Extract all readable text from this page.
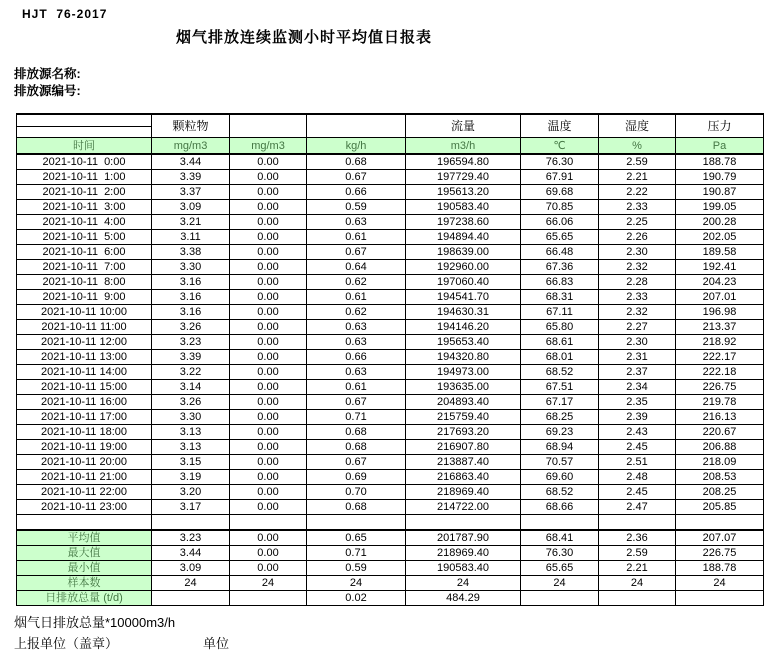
HJT  76-2017
烟气排放连续监测小时平均值日报表
排放源名称:
排放源编号:
	颗粒物			流量	温度	湿度	压力

时间	mg/m3	mg/m3	kg/h	m3/h	℃	%	Pa
2021-10-11  0:00	3.44	0.00	0.68	196594.80	76.30	2.59	188.78
2021-10-11  1:00	3.39	0.00	0.67	197729.40	67.91	2.21	190.79
2021-10-11  2:00	3.37	0.00	0.66	195613.20	69.68	2.22	190.87
2021-10-11  3:00	3.09	0.00	0.59	190583.40	70.85	2.33	199.05
2021-10-11  4:00	3.21	0.00	0.63	197238.60	66.06	2.25	200.28
2021-10-11  5:00	3.11	0.00	0.61	194894.40	65.65	2.26	202.05
2021-10-11  6:00	3.38	0.00	0.67	198639.00	66.48	2.30	189.58
2021-10-11  7:00	3.30	0.00	0.64	192960.00	67.36	2.32	192.41
2021-10-11  8:00	3.16	0.00	0.62	197060.40	66.83	2.28	204.23
2021-10-11  9:00	3.16	0.00	0.61	194541.70	68.31	2.33	207.01
2021-10-11 10:00	3.16	0.00	0.62	194630.31	67.11	2.32	196.98
2021-10-11 11:00	3.26	0.00	0.63	194146.20	65.80	2.27	213.37
2021-10-11 12:00	3.23	0.00	0.63	195653.40	68.61	2.30	218.92
2021-10-11 13:00	3.39	0.00	0.66	194320.80	68.01	2.31	222.17
2021-10-11 14:00	3.22	0.00	0.63	194973.00	68.52	2.37	222.18
2021-10-11 15:00	3.14	0.00	0.61	193635.00	67.51	2.34	226.75
2021-10-11 16:00	3.26	0.00	0.67	204893.40	67.17	2.35	219.78
2021-10-11 17:00	3.30	0.00	0.71	215759.40	68.25	2.39	216.13
2021-10-11 18:00	3.13	0.00	0.68	217693.20	69.23	2.43	220.67
2021-10-11 19:00	3.13	0.00	0.68	216907.80	68.94	2.45	206.88
2021-10-11 20:00	3.15	0.00	0.67	213887.40	70.57	2.51	218.09
2021-10-11 21:00	3.19	0.00	0.69	216863.40	69.60	2.48	208.53
2021-10-11 22:00	3.20	0.00	0.70	218969.40	68.52	2.45	208.25
2021-10-11 23:00	3.17	0.00	0.68	214722.00	68.66	2.47	205.85

平均值	3.23	0.00	0.65	201787.90	68.41	2.36	207.07
最大值	3.44	0.00	0.71	218969.40	76.30	2.59	226.75
最小值	3.09	0.00	0.59	190583.40	65.65	2.21	188.78
样本数	24	24	24	24	24	24	24
日排放总量 (t/d)			0.02	484.29			
烟气日排放总量*10000m3/h
上报单位（盖章）	单位
